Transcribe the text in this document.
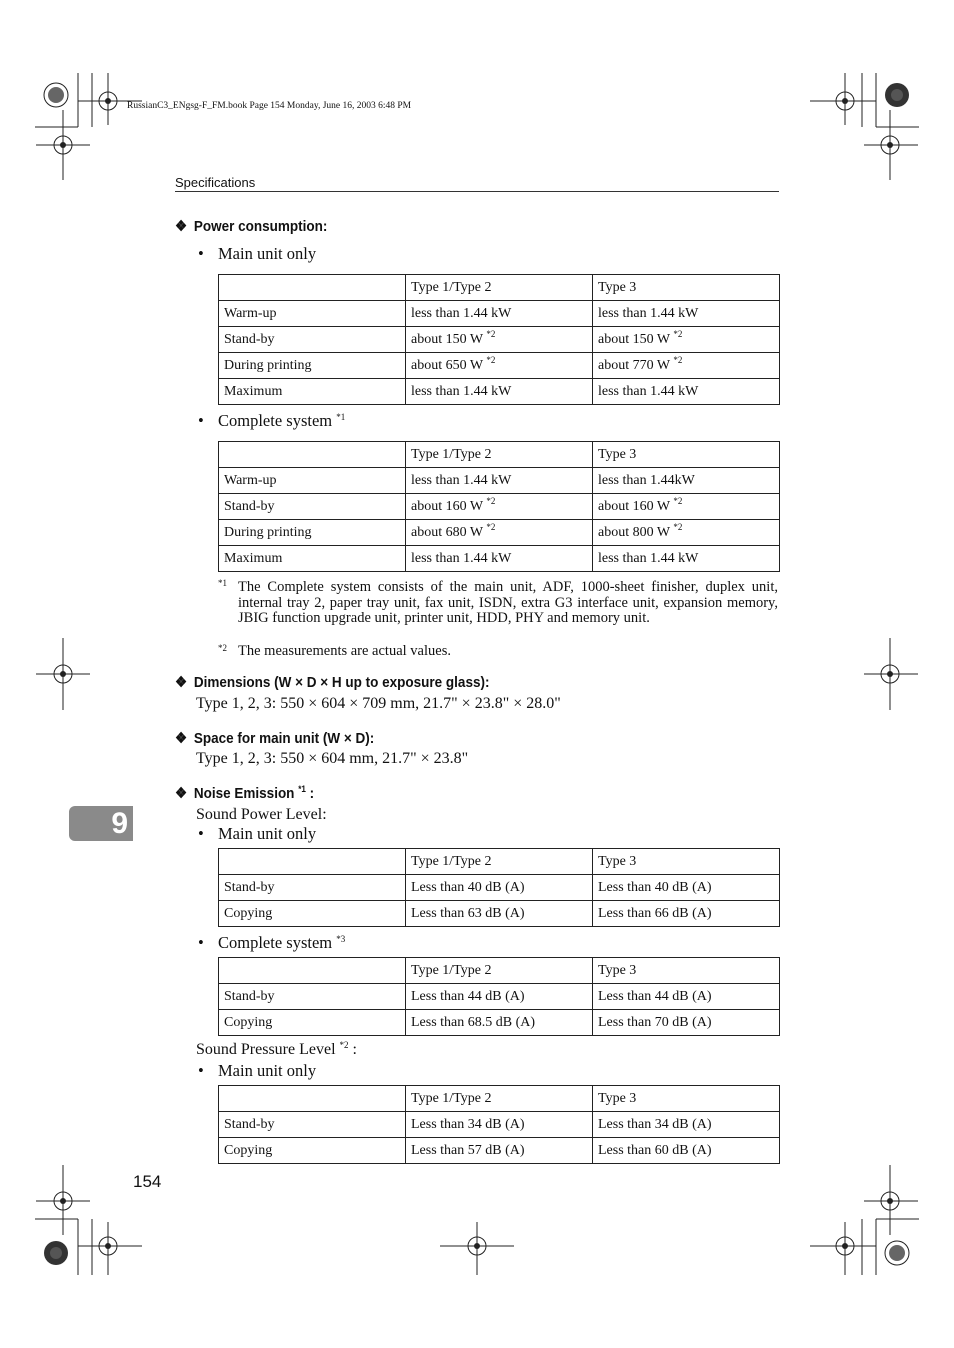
RussianC3_ENgsg-F_FM.book Page 154 Monday, June 16, 2003 6:48 PM
Specifications
❖ Power consumption:
• Main unit only
	Type 1/Type 2	Type 3
Warm-up	less than 1.44 kW	less than 1.44 kW
Stand-by	about 150 W $^{*2}$	about 150 W $^{*2}$
During printing	about 650 W $^{*2}$	about 770 W $^{*2}$
Maximum	less than 1.44 kW	less than 1.44 kW
• Complete system $^{*1}$
	Type 1/Type 2	Type 3
Warm-up	less than 1.44 kW	less than 1.44kW
Stand-by	about 160 W $^{*2}$	about 160 W $^{*2}$
During printing	about 680 W $^{*2}$	about 800 W $^{*2}$
Maximum	less than 1.44 kW	less than 1.44 kW
*1 The Complete system consists of the main unit, ADF, 1000-sheet finisher, duplex unit, internal tray 2, paper tray unit, fax unit, ISDN, extra G3 interface unit, expansion memory, JBIG function upgrade unit, printer unit, HDD, PHY and memory unit.
*2 The measurements are actual values.
❖ Dimensions (W × D × H up to exposure glass):
Type 1, 2, 3: 550 × 604 × 709 mm, 21.7" × 23.8" × 28.0"
❖ Space for main unit (W × D):
Type 1, 2, 3: 550 × 604 mm, 21.7" × 23.8"
❖ Noise Emission $^{*1}$ :
Sound Power Level:
• Main unit only
	Type 1/Type 2	Type 3
Stand-by	Less than 40 dB (A)	Less than 40 dB (A)
Copying	Less than 63 dB (A)	Less than 66 dB (A)
• Complete system $^{*3}$
	Type 1/Type 2	Type 3
Stand-by	Less than 44 dB (A)	Less than 44 dB (A)
Copying	Less than 68.5 dB (A)	Less than 70 dB (A)
Sound Pressure Level $^{*2}$ :
• Main unit only
	Type 1/Type 2	Type 3
Stand-by	Less than 34 dB (A)	Less than 34 dB (A)
Copying	Less than 57 dB (A)	Less than 60 dB (A)
9
154
